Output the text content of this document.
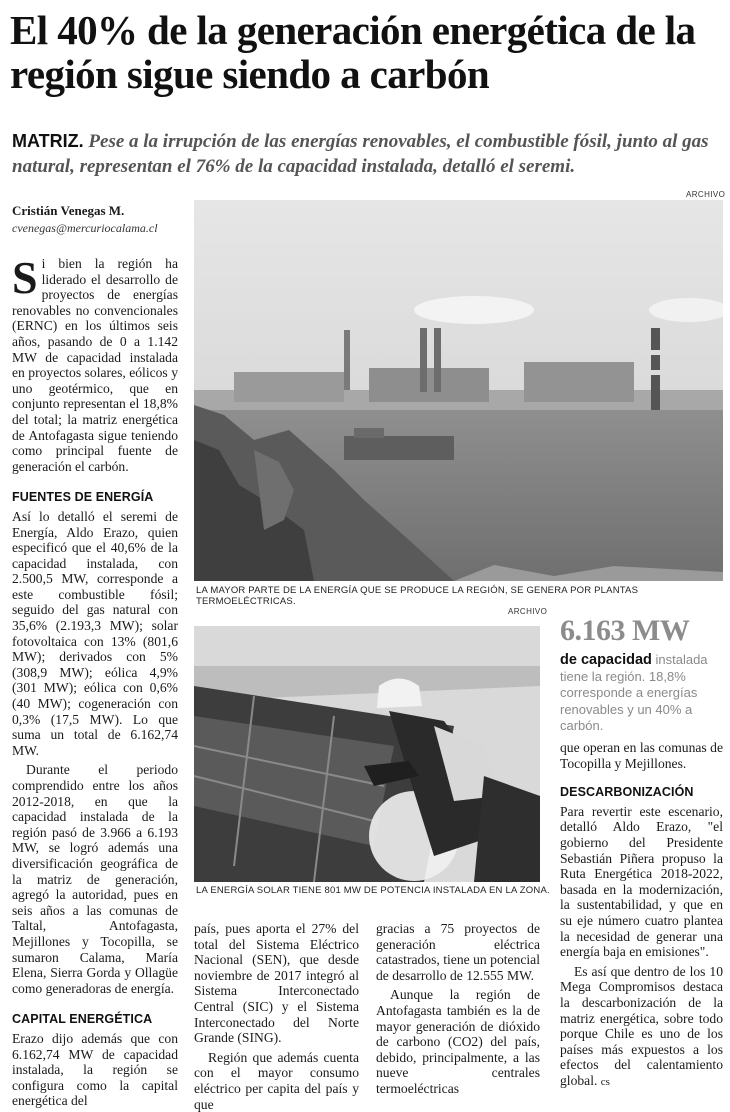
El 40% de la generación energética de la región sigue siendo a carbón
MATRIZ. Pese a la irrupción de las energías renovables, el combustible fósil, junto al gas natural, representan el 76% de la capacidad instalada, detalló el seremi.
Cristián Venegas M.
cvenegas@mercuriocalama.cl
ARCHIVO
LA MAYOR PARTE DE LA ENERGÍA QUE SE PRODUCE LA REGIÓN, SE GENERA POR PLANTAS TERMOELÉCTRICAS.
ARCHIVO
LA ENERGÍA SOLAR TIENE 801 MW DE POTENCIA INSTALADA EN LA ZONA.
6.163 MW
de capacidad instalada tiene la región. 18,8% corresponde a energías renovables y un 40% a carbón.

Si bien la región ha liderado el desarrollo de proyectos de energías renovables no convencionales (ERNC) en los últimos seis años, pasando de 0 a 1.142 MW de capacidad instalada en proyectos solares, eólicos y uno geotérmico, que en conjunto representan el 18,8% del total; la matriz energética de Antofagasta sigue teniendo como principal fuente de generación el carbón.

FUENTES DE ENERGÍA

Así lo detalló el seremi de Energía, Aldo Erazo, quien especificó que el 40,6% de la capacidad instalada, con 2.500,5 MW, corresponde a este combustible fósil; seguido del gas natural con 35,6% (2.193,3 MW); solar fotovoltaica con 13% (801,6 MW); derivados con 5% (308,9 MW); eólica 4,9% (301 MW); eólica con 0,6% (40 MW); cogeneración con 0,3% (17,5 MW). Lo que suma un total de 6.162,74 MW.

Durante el periodo comprendido entre los años 2012-2018, en que la capacidad instalada de la región pasó de 3.966 a 6.193 MW, se logró además una diversificación geográfica de la matriz de generación, agregó la autoridad, pues en seis años a las comunas de Taltal, Antofagasta, Mejillones y Tocopilla, se sumaron Calama, María Elena, Sierra Gorda y Ollagüe como generadoras de energía.

CAPITAL ENERGÉTICA

Erazo dijo además que con 6.162,74 MW de capacidad instalada, la región se configura como la capital energética del

país, pues aporta el 27% del total del Sistema Eléctrico Nacional (SEN), que desde noviembre de 2017 integró al Sistema Interconectado Central (SIC) y el Sistema Interconectado del Norte Grande (SING).

Región que además cuenta con el mayor consumo eléctrico per capita del país y que

gracias a 75 proyectos de generación eléctrica catastrados, tiene un potencial de desarrollo de 12.555 MW.

Aunque la región de Antofagasta también es la de mayor generación de dióxido de carbono (CO2) del país, debido, principalmente, a las nueve centrales termoeléctricas

que operan en las comunas de Tocopilla y Mejillones.

DESCARBONIZACIÓN

Para revertir este escenario, detalló Aldo Erazo, "el gobierno del Presidente Sebastián Piñera propuso la Ruta Energética 2018-2022, basada en la modernización, la sustentabilidad, y que en su eje número cuatro plantea la necesidad de generar una energía baja en emisiones".

Es así que dentro de los 10 Mega Compromisos destaca la descarbonización de la matriz energética, sobre todo porque Chile es uno de los países más expuestos a los efectos del calentamiento global. cs
